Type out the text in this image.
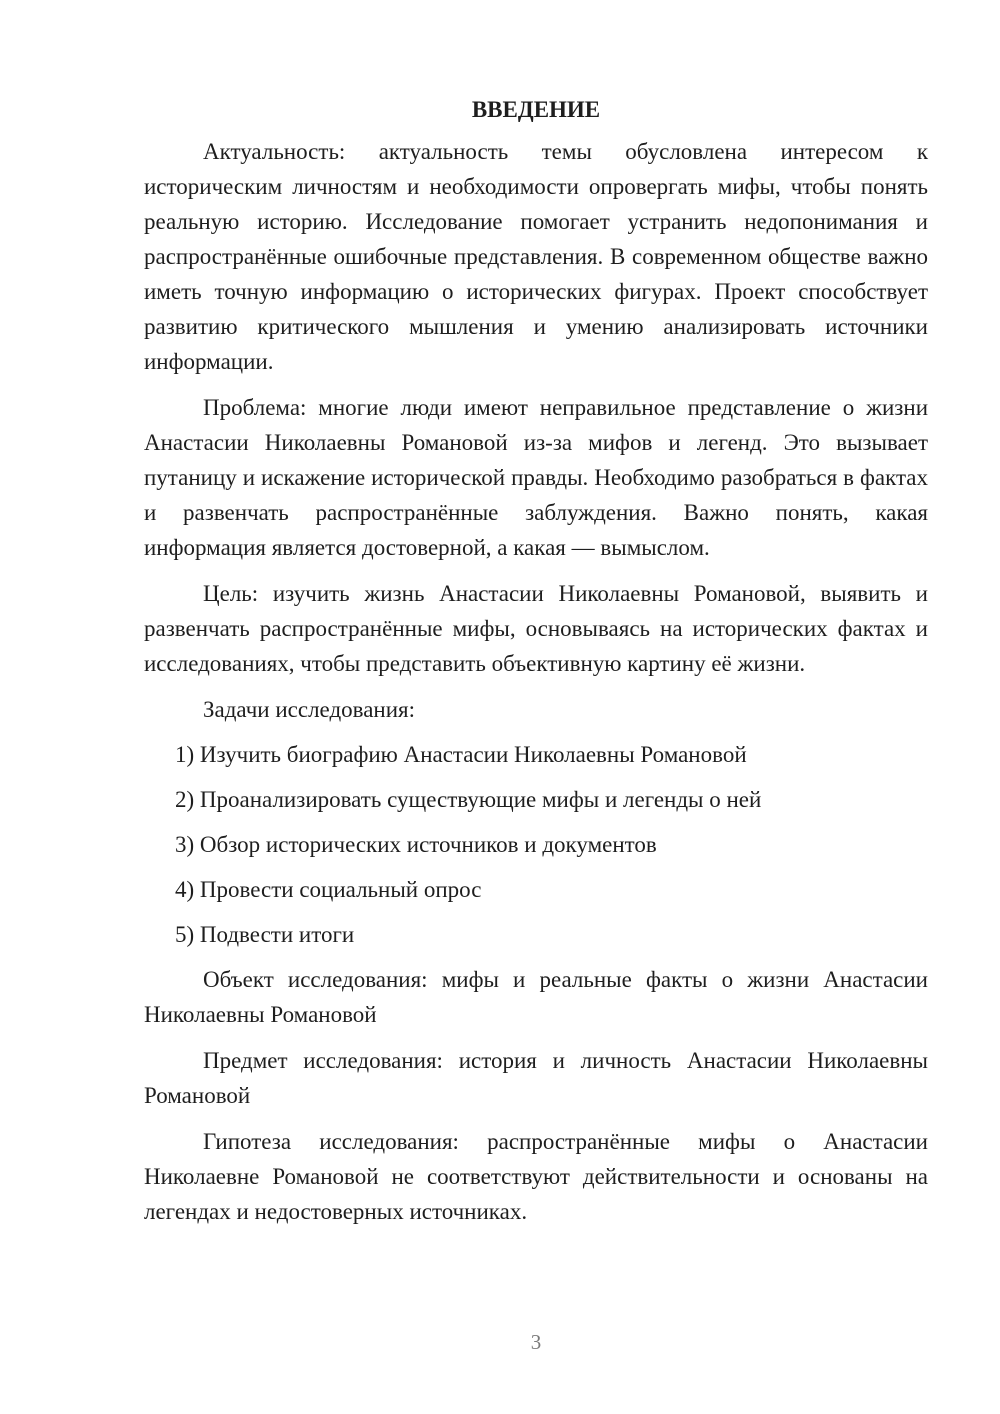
ВВЕДЕНИЕ

Актуальность: актуальность темы обусловлена интересом к историческим личностям и необходимости опровергать мифы, чтобы понять реальную историю. Исследование помогает устранить недопонимания и распространённые ошибочные представления. В современном обществе важно иметь точную информацию о исторических фигурах. Проект способствует развитию критического мышления и умению анализировать источники информации.

Проблема: многие люди имеют неправильное представление о жизни Анастасии Николаевны Романовой из-за мифов и легенд. Это вызывает путаницу и искажение исторической правды. Необходимо разобраться в фактах и развенчать распространённые заблуждения. Важно понять, какая информация является достоверной, а какая — вымыслом.

Цель: изучить жизнь Анастасии Николаевны Романовой, выявить и развенчать распространённые мифы, основываясь на исторических фактах и исследованиях, чтобы представить объективную картину её жизни.

Задачи исследования:

1) Изучить биографию Анастасии Николаевны Романовой
2) Проанализировать существующие мифы и легенды о ней
3) Обзор исторических источников и документов
4) Провести социальный опрос
5) Подвести итоги

Объект исследования: мифы и реальные факты о жизни Анастасии Николаевны Романовой

Предмет исследования: история и личность Анастасии Николаевны Романовой

Гипотеза исследования: распространённые мифы о Анастасии Николаевне Романовой не соответствуют действительности и основаны на легендах и недостоверных источниках.

3
